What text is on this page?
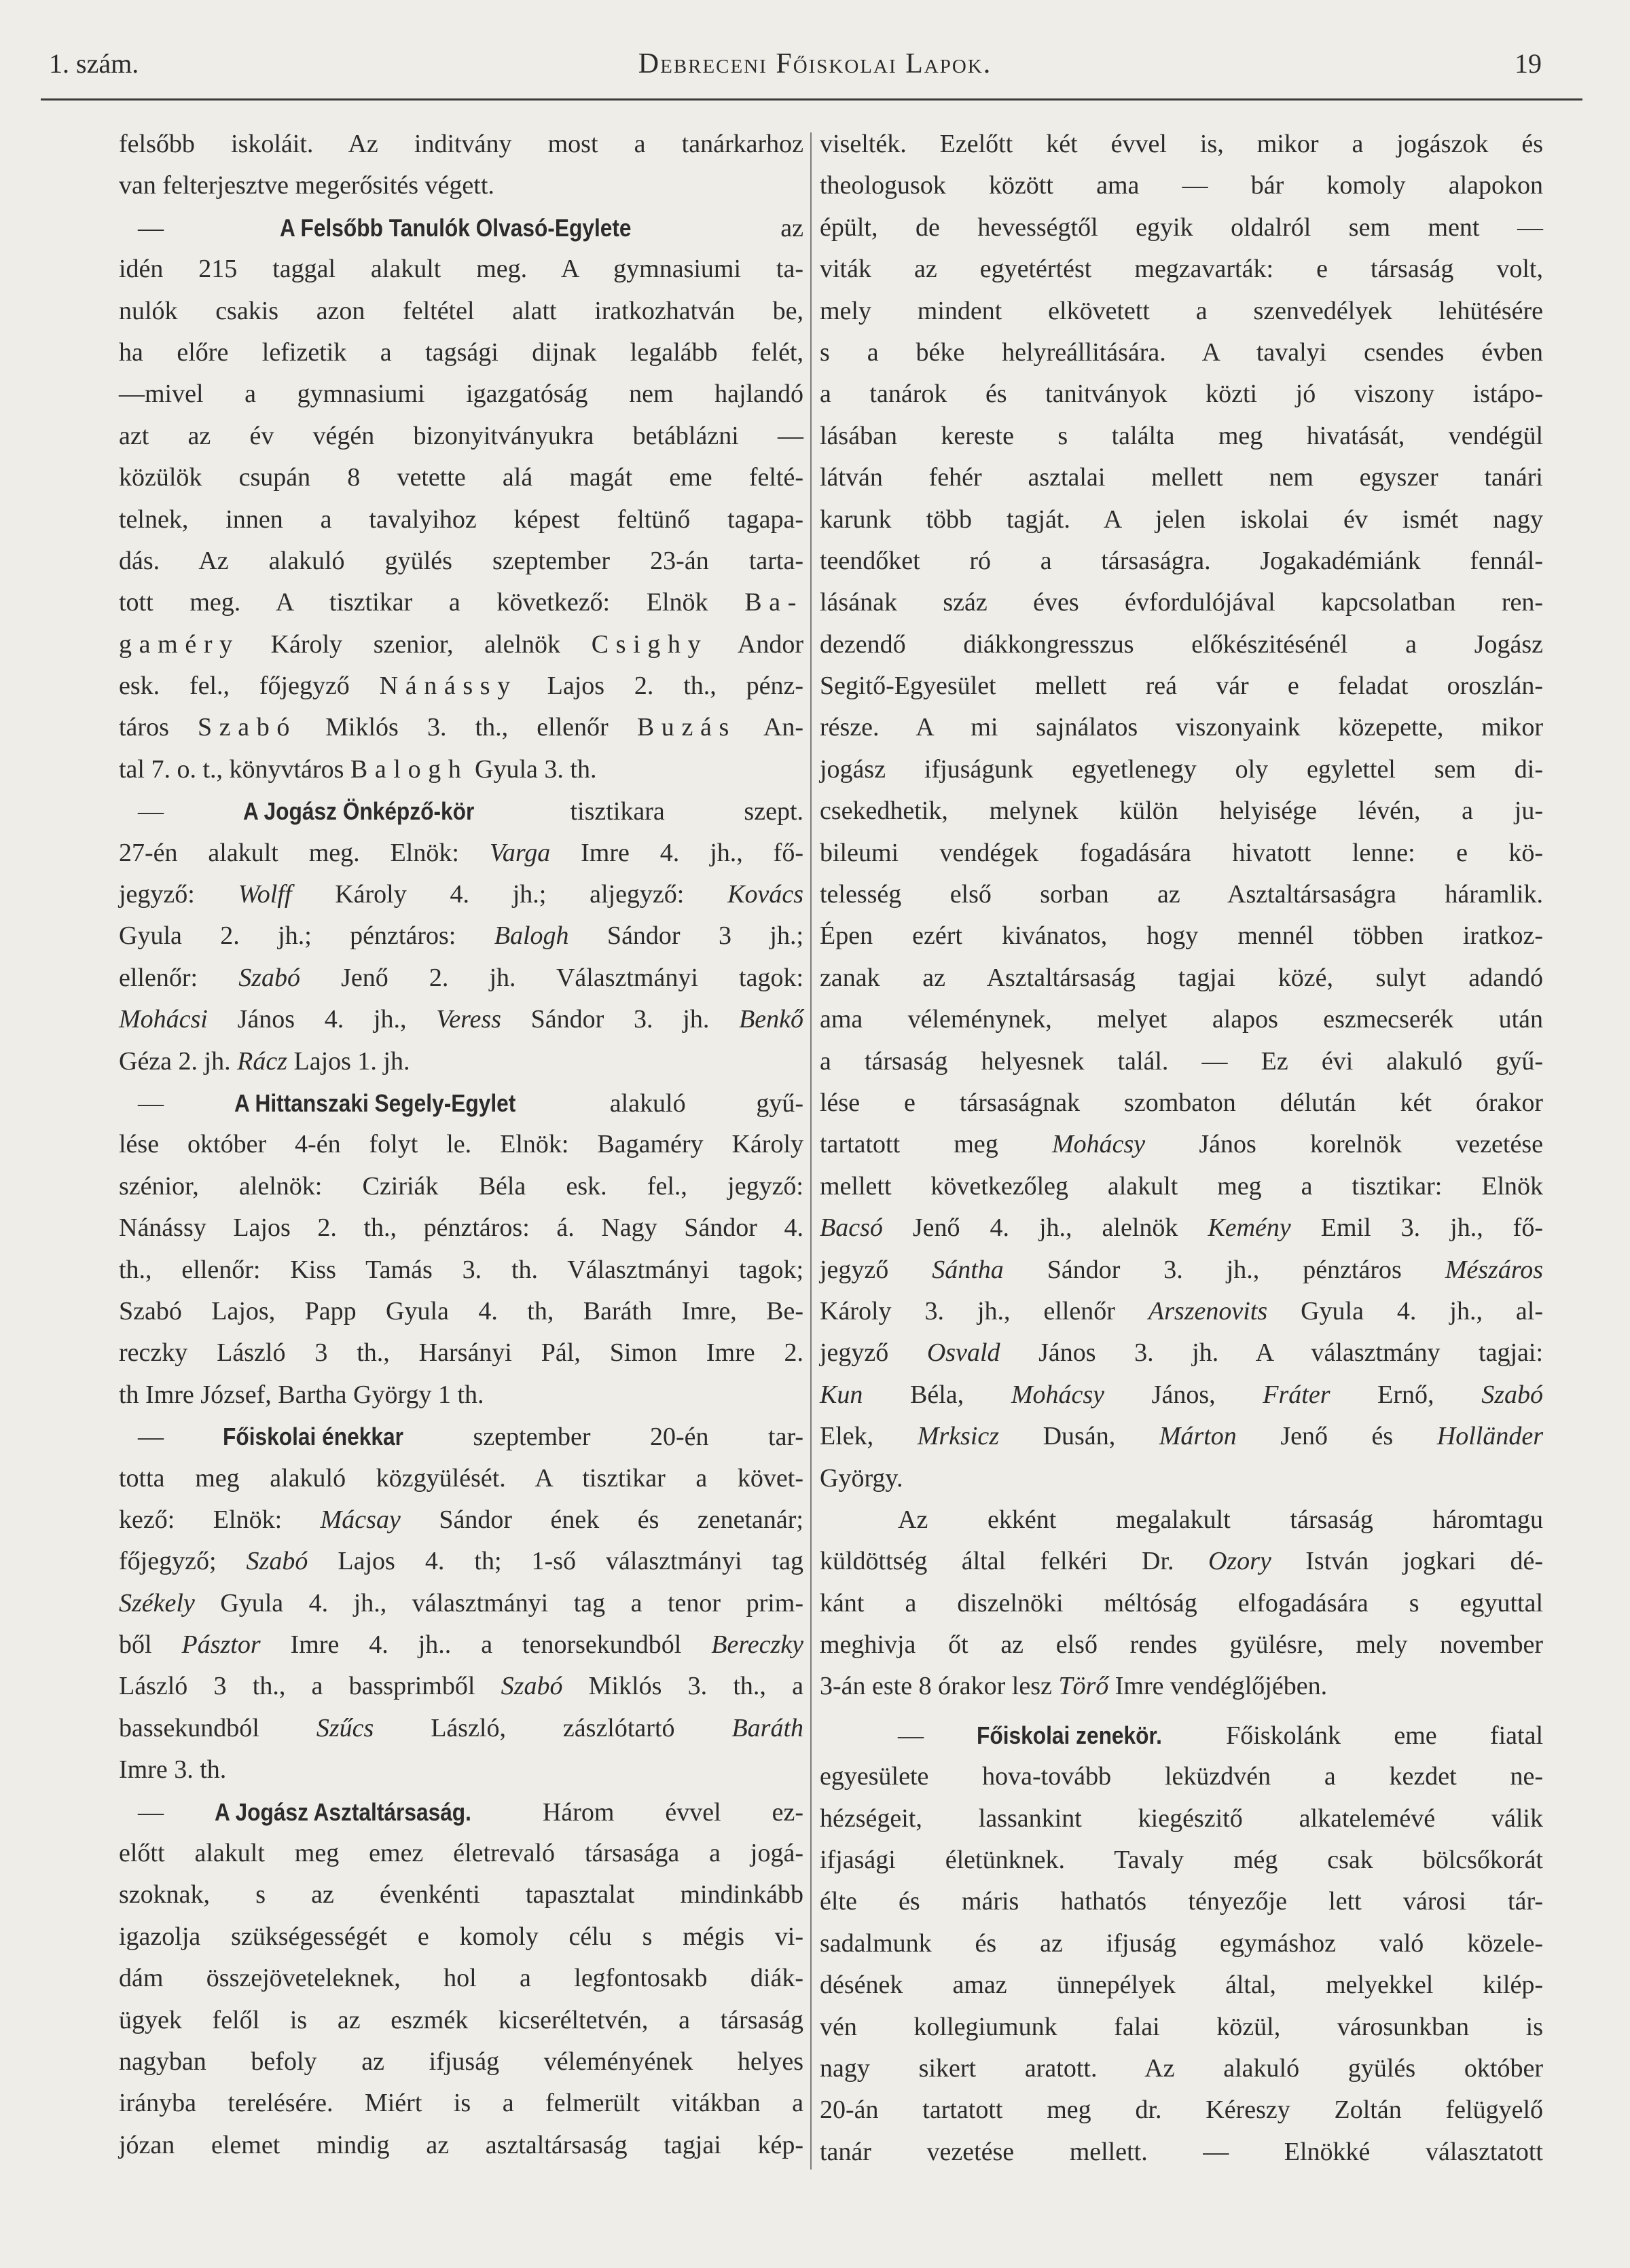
1. szám.	Debreceni Főiskolai Lapok.	19
felsőbb iskoláit. Az inditvány most a tanárkarhoz
van felterjesztve megerősités végett.
— A Felsőbb Tanulók Olvasó-Egylete az
idén 215 taggal alakult meg. A gymnasiumi ta-
nulók csakis azon feltétel alatt iratkozhatván be,
ha előre lefizetik a tagsági dijnak legalább felét,
—mivel a gymnasiumi igazgatóság nem hajlandó
azt az év végén bizonyitványukra betáblázni —
közülök csupán 8 vetette alá magát eme felté-
telnek, innen a tavalyihoz képest feltünő tagapa-
dás. Az alakuló gyülés szeptember 23-án tarta-
tott meg. A tisztikar a következő: Elnök Ba-
gaméry Károly szenior, alelnök Csighy Andor
esk. fel., főjegyző Nánássy Lajos 2. th., pénz-
táros Szabó Miklós 3. th., ellenőr Buzás An-
tal 7. o. t., könyvtáros Balogh Gyula 3. th.
— A Jogász Önképző-kör tisztikara szept.
27-én alakult meg. Elnök: Varga Imre 4. jh., fő-
jegyző: Wolff Károly 4. jh.; aljegyző: Kovács
Gyula 2. jh.; pénztáros: Balogh Sándor 3 jh.;
ellenőr: Szabó Jenő 2. jh. Választmányi tagok:
Mohácsi János 4. jh., Veress Sándor 3. jh. Benkő
Géza 2. jh. Rácz Lajos 1. jh.
— A Hittanszaki Segely-Egylet alakuló gyű-
lése október 4-én folyt le. Elnök: Bagaméry Károly
szénior, alelnök: Cziriák Béla esk. fel., jegyző:
Nánássy Lajos 2. th., pénztáros: á. Nagy Sándor 4.
th., ellenőr: Kiss Tamás 3. th. Választmányi tagok;
Szabó Lajos, Papp Gyula 4. th, Baráth Imre, Be-
reczky László 3 th., Harsányi Pál, Simon Imre 2.
th Imre József, Bartha György 1 th.
— Főiskolai énekkar szeptember 20-én tar-
totta meg alakuló közgyülését. A tisztikar a követ-
kező: Elnök: Mácsay Sándor ének és zenetanár;
főjegyző; Szabó Lajos 4. th; 1-ső választmányi tag
Székely Gyula 4. jh., választmányi tag a tenor prim-
ből Pásztor Imre 4. jh.. a tenorsekundból Bereczky
László 3 th., a bassprimből Szabó Miklós 3. th., a
bassekundból Szűcs László, zászlótartó Baráth
Imre 3. th.
— A Jogász Asztaltársaság. Három évvel ez-
előtt alakult meg emez életrevaló társasága a jogá-
szoknak, s az évenkénti tapasztalat mindinkább
igazolja szükségességét e komoly célu s mégis vi-
dám összejöveteleknek, hol a legfontosakb diák-
ügyek felől is az eszmék kicseréltetvén, a társaság
nagyban befoly az ifjuság véleményének helyes
irányba terelésére. Miért is a felmerült vitákban a
józan elemet mindig az asztaltársaság tagjai kép-
viselték. Ezelőtt két évvel is, mikor a jogászok és
theologusok között ama — bár komoly alapokon
épült, de hevességtől egyik oldalról sem ment —
viták az egyetértést megzavarták: e társaság volt,
mely mindent elkövetett a szenvedélyek lehütésére
s a béke helyreállitására. A tavalyi csendes évben
a tanárok és tanitványok közti jó viszony istápo-
lásában kereste s találta meg hivatását, vendégül
látván fehér asztalai mellett nem egyszer tanári
karunk több tagját. A jelen iskolai év ismét nagy
teendőket ró a társaságra. Jogakadémiánk fennál-
lásának száz éves évfordulójával kapcsolatban ren-
dezendő diákkongresszus előkészitésénél a Jogász
Segitő-Egyesület mellett reá vár e feladat oroszlán-
része. A mi sajnálatos viszonyaink közepette, mikor
jogász ifjuságunk egyetlenegy oly egylettel sem di-
csekedhetik, melynek külön helyisége lévén, a ju-
bileumi vendégek fogadására hivatott lenne: e kö-
telesség első sorban az Asztaltársaságra háramlik.
Épen ezért kivánatos, hogy mennél többen iratkoz-
zanak az Asztaltársaság tagjai közé, sulyt adandó
ama véleménynek, melyet alapos eszmecserék után
a társaság helyesnek talál. — Ez évi alakuló gyű-
lése e társaságnak szombaton délután két órakor
tartatott meg Mohácsy János korelnök vezetése
mellett következőleg alakult meg a tisztikar: Elnök
Bacsó Jenő 4. jh., alelnök Kemény Emil 3. jh., fő-
jegyző Sántha Sándor 3. jh., pénztáros Mészáros
Károly 3. jh., ellenőr Arszenovits Gyula 4. jh., al-
jegyző Osvald János 3. jh. A választmány tagjai:
Kun Béla, Mohácsy János, Fráter Ernő, Szabó
Elek, Mrksicz Dusán, Márton Jenő és Holländer
György.
Az ekként megalakult társaság háromtagu
küldöttség által felkéri Dr. Ozory István jogkari dé-
kánt a diszelnöki méltóság elfogadására s egyuttal
meghivja őt az első rendes gyülésre, mely november
3-án este 8 órakor lesz Törő Imre vendéglőjében.
— Főiskolai zenekör. Főiskolánk eme fiatal
egyesülete hova-tovább leküzdvén a kezdet ne-
hézségeit, lassankint kiegészitő alkatelemévé válik
ifjasági életünknek. Tavaly még csak bölcsőkorát
élte és máris hathatós tényezője lett városi tár-
sadalmunk és az ifjuság egymáshoz való közele-
désének amaz ünnepélyek által, melyekkel kilép-
vén kollegiumunk falai közül, városunkban is
nagy sikert aratott. Az alakuló gyülés október
20-án tartatott meg dr. Kéreszy Zoltán felügyelő
tanár vezetése mellett. — Elnökké választatott
